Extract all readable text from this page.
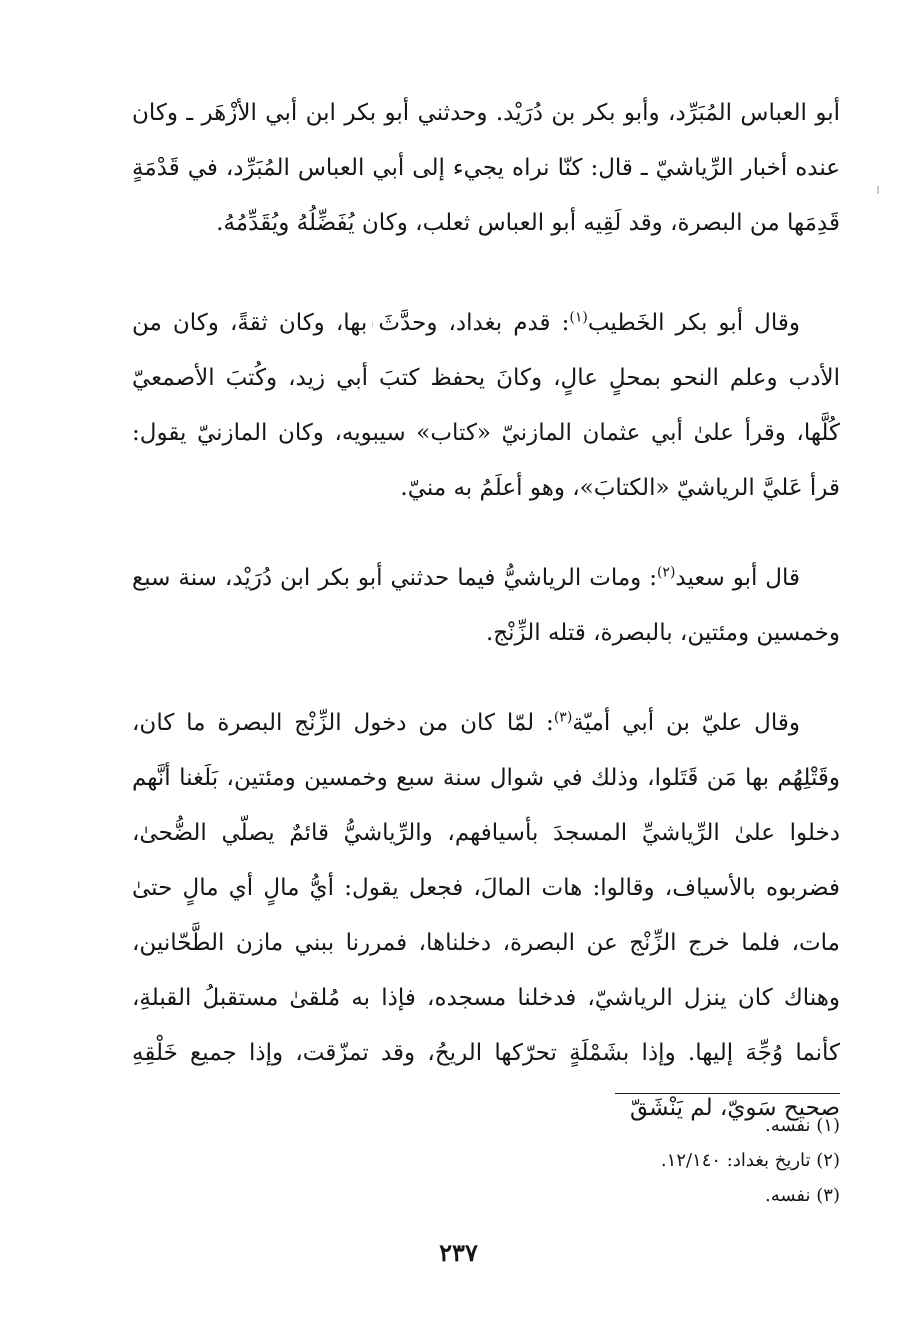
أبو العباس المُبَرِّد، وأبو بكر بن دُرَيْد. وحدثني أبو بكر ابن أبي الأزْهَر ـ وكان عنده أخبار الرِّياشيّ ـ قال: كنّا نراه يجيء إلى أبي العباس المُبَرِّد، في قَدْمَةٍ قَدِمَها من البصرة، وقد لَقِيه أبو العباس ثعلب، وكان يُفَضِّلُهُ ويُقَدِّمُهُ.

وقال أبو بكر الخَطيب$^{(١)}$: قدم بغداد، وحدَّثَ بها، وكان ثقةً، وكان من الأدب وعلم النحو بمحلٍ عالٍ، وكانَ يحفظ كتبَ أبي زيد، وكُتبَ الأصمعيّ كُلَّها، وقرأ علىٰ أبي عثمان المازنيّ «كتاب» سيبويه، وكان المازنيّ يقول: قرأ عَليَّ الرياشيّ «الكتابَ»، وهو أعلَمُ به منيّ.

قال أبو سعيد$^{(٢)}$: ومات الرياشيُّ فيما حدثني أبو بكر ابن دُرَيْد، سنة سبع وخمسين ومئتين، بالبصرة، قتله الزِّنْج.

وقال عليّ بن أبي أميّة$^{(٣)}$: لمّا كان من دخول الزِّنْج البصرة ما كان، وقَتْلِهُم بها مَن قَتَلوا، وذلك في شوال سنة سبع وخمسين ومئتين، بَلَغنا أنَّهم دخلوا علىٰ الرِّياشيِّ المسجدَ بأسيافهم، والرِّياشيُّ قائمٌ يصلّي الضُّحىٰ، فضربوه بالأسياف، وقالوا: هات المالَ، فجعل يقول: أيُّ مالٍ أي مالٍ حتىٰ مات، فلما خرج الزِّنْج عن البصرة، دخلناها، فمررنا ببني مازن الطَّحّانين، وهناك كان ينزل الرياشيّ، فدخلنا مسجده، فإذا به مُلقىٰ مستقبلُ القبلةِ، كأنما وُجِّهَ إليها. وإذا بشَمْلَةٍ تحرّكها الريحُ، وقد تمزّقت، وإذا جميع خَلْقِهِ صحيح سَويّ، لم يَنْشَقّ

(١) نفسه.

(٢) تاريخ بغداد: ١٢/١٤٠.

(٣) نفسه.

٢٣٧
